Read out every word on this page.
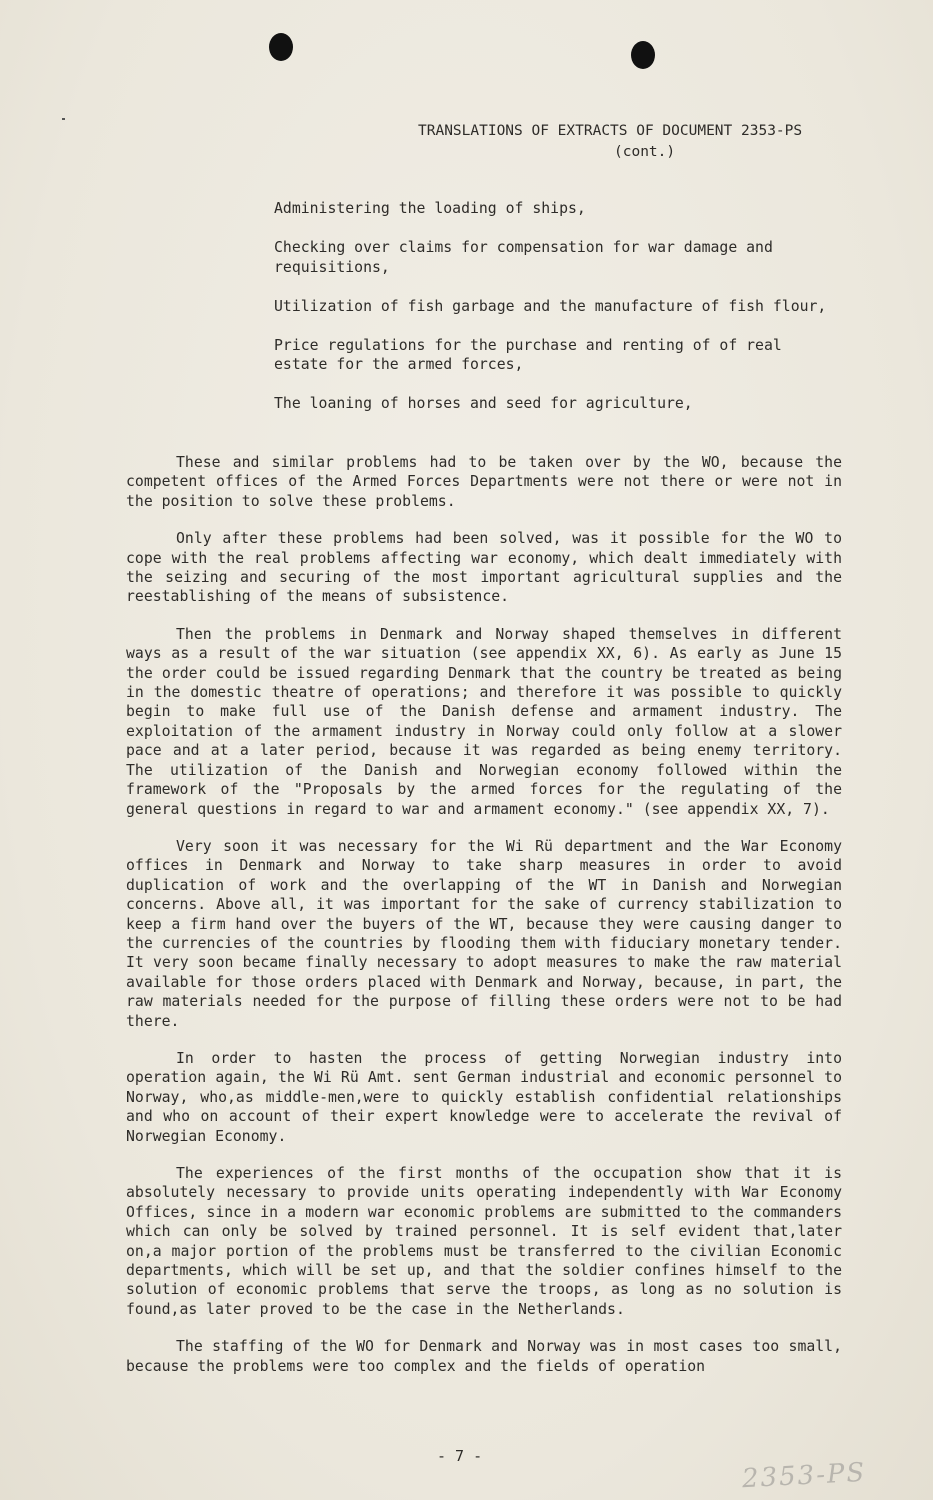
TRANSLATIONS OF EXTRACTS OF DOCUMENT 2353-PS
(cont.)

Administering the loading of ships,

Checking over claims for compensation for war damage and requisitions,

Utilization of fish garbage and the manufacture of fish flour,

Price regulations for the purchase and renting of of real estate for the armed forces,

The loaning of horses and seed for agriculture,

These and similar problems had to be taken over by the WO, because the competent offices of the Armed Forces Departments were not there or were not in the position to solve these problems.

Only after these problems had been solved, was it possible for the WO to cope with the real problems affecting war economy, which dealt immediately with the seizing and securing of the most important agricultural supplies and the reestablishing of the means of subsistence.

Then the problems in Denmark and Norway shaped themselves in different ways as a result of the war situation (see appendix XX, 6). As early as June 15 the order could be issued regarding Denmark that the country be treated as being in the domestic theatre of operations; and therefore it was possible to quickly begin to make full use of the Danish defense and armament industry. The exploitation of the armament industry in Norway could only follow at a slower pace and at a later period, because it was regarded as being enemy territory. The utilization of the Danish and Norwegian economy followed within the framework of the "Proposals by the armed forces for the regulating of the general questions in regard to war and armament economy." (see appendix XX, 7).

Very soon it was necessary for the Wi Rü department and the War Economy offices in Denmark and Norway to take sharp measures in order to avoid duplication of work and the overlapping of the WT in Danish and Norwegian concerns. Above all, it was important for the sake of currency stabilization to keep a firm hand over the buyers of the WT, because they were causing danger to the currencies of the countries by flooding them with fiduciary monetary tender. It very soon became finally necessary to adopt measures to make the raw material available for those orders placed with Denmark and Norway, because, in part, the raw materials needed for the purpose of filling these orders were not to be had there.

In order to hasten the process of getting Norwegian industry into operation again, the Wi Rü Amt. sent German industrial and economic personnel to Norway, who,as middle-men,were to quickly establish confidential relationships and who on account of their expert knowledge were to accelerate the revival of Norwegian Economy.

The experiences of the first months of the occupation show that it is absolutely necessary to provide units operating independently with War Economy Offices, since in a modern war economic problems are submitted to the commanders which can only be solved by trained personnel. It is self evident that,later on,a major portion of the problems must be transferred to the civilian Economic departments, which will be set up, and that the soldier confines himself to the solution of economic problems that serve the troops, as long as no solution is found,as later proved to be the case in the Netherlands.

The staffing of the WO for Denmark and Norway was in most cases too small, because the problems were too complex and the fields of operation

- 7 -
2353-PS
